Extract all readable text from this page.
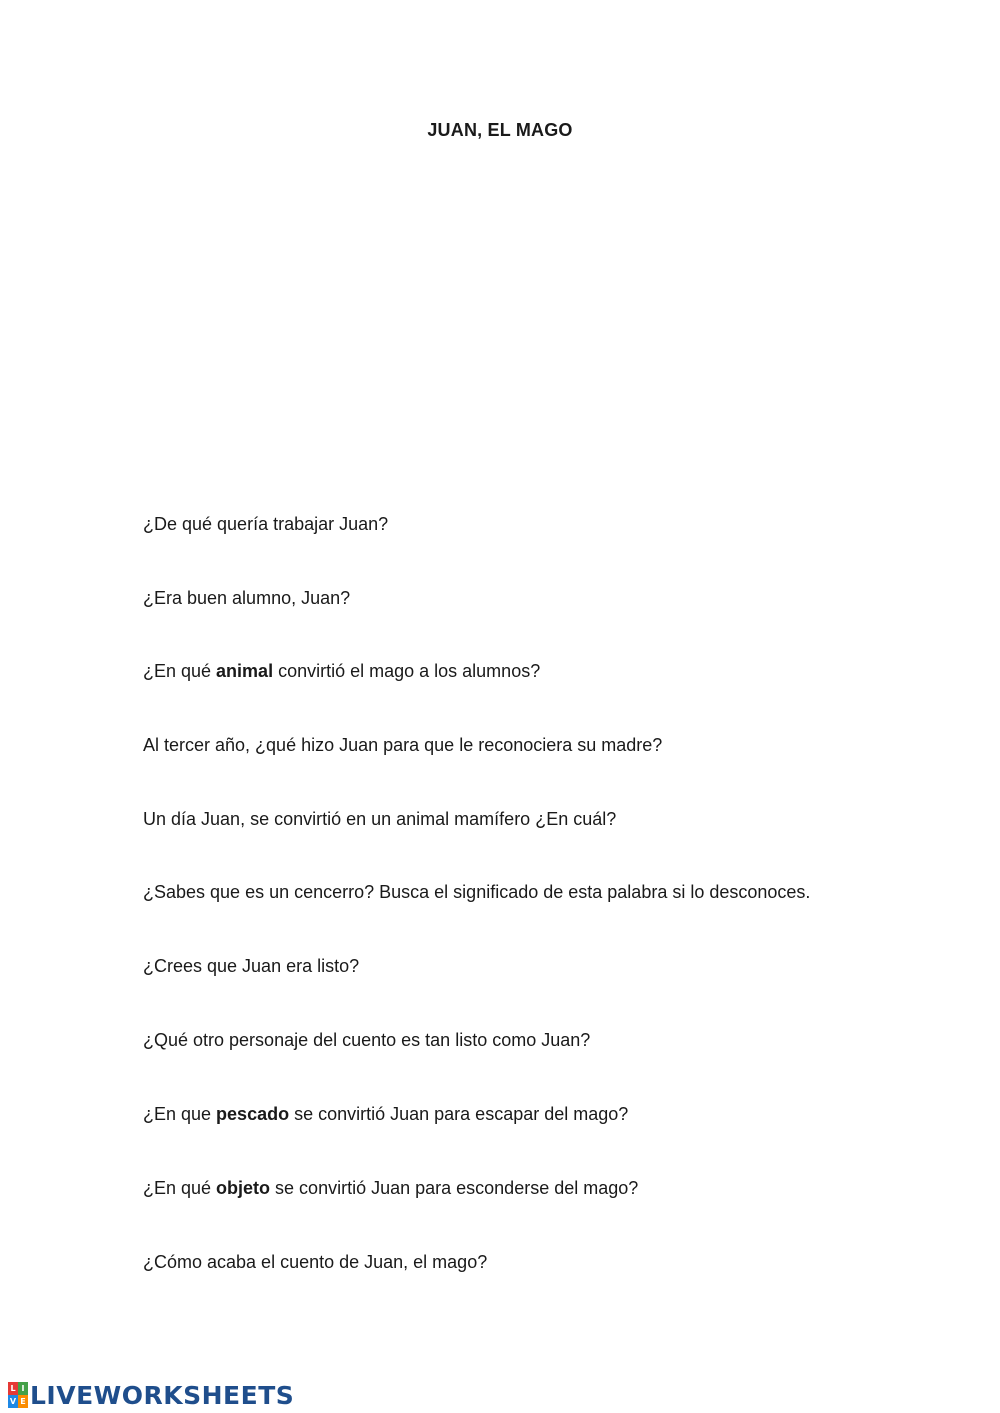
JUAN, EL MAGO
¿De qué quería trabajar Juan?
¿Era buen alumno, Juan?
¿En qué animal convirtió el mago a los alumnos?
Al tercer año, ¿qué hizo Juan para que le reconociera su madre?
Un día Juan, se convirtió en un animal mamífero ¿En cuál?
¿Sabes que es un cencerro? Busca el significado de esta palabra si lo desconoces.
¿Crees que Juan era listo?
¿Qué otro personaje del cuento es tan listo como Juan?
¿En que pescado se convirtió Juan para escapar del mago?
¿En qué objeto se convirtió Juan para esconderse del mago?
¿Cómo acaba el cuento de Juan, el mago?
L I
V E LIVEWORKSHEETS
